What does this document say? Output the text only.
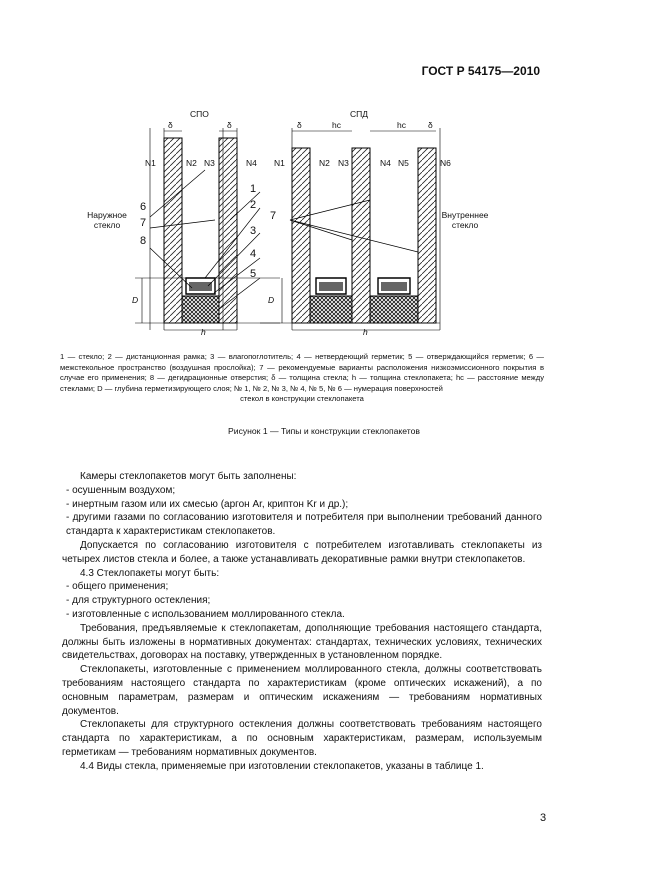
ГОСТ Р 54175—2010
СПО	СПД
δ	δ	δ	hc	hc	δ
N1	N2 N3	N4 N1	N2 N3	N4 N5	N6
Наружное стекло
Внутреннее стекло
1
2
3
4
5
6
7
7
8
D	D
h	h
1 — стекло; 2 — дистанционная рамка; 3 — влагопоглотитель; 4 — нетвердеющий герметик; 5 — отверждающийся герметик; 6 — межстекольное пространство (воздушная прослойка); 7 — рекомендуемые варианты расположения низкоэмиссионного покрытия в случае его применения; 8 — дегидрационные отверстия; δ — толщина стекла; h — толщина стеклопакета; hc — расстояние между стеклами; D — глубина герметизирующего слоя; № 1, № 2, № 3, № 4, № 5, № 6 — нумерация поверхностей
стекол в конструкции стеклопакета
Рисунок 1 — Типы и конструкции стеклопакетов

Камеры стеклопакетов могут быть заполнены:

- осушенным воздухом;

- инертным газом или их смесью (аргон Ar, криптон Kr и др.);

- другими газами по согласованию изготовителя и потребителя при выполнении требований данного стандарта к характеристикам стеклопакетов.

Допускается по согласованию изготовителя с потребителем изготавливать стеклопакеты из четырех листов стекла и более, а также устанавливать декоративные рамки внутри стеклопакетов.

4.3 Стеклопакеты могут быть:

- общего применения;

- для структурного остекления;

- изготовленные с использованием моллированного стекла.

Требования, предъявляемые к стеклопакетам, дополняющие требования настоящего стандарта, должны быть изложены в нормативных документах: стандартах, технических условиях, технических свидетельствах, договорах на поставку, утвержденных в установленном порядке.

Стеклопакеты, изготовленные с применением моллированного стекла, должны соответствовать требованиям настоящего стандарта по характеристикам (кроме оптических искажений), а по основным параметрам, размерам и оптическим искажениям — требованиям нормативных документов.

Стеклопакеты для структурного остекления должны соответствовать требованиям настоящего стандарта по характеристикам, а по основным характеристикам, размерам, используемым герметикам — требованиям нормативных документов.

4.4 Виды стекла, применяемые при изготовлении стеклопакетов, указаны в таблице 1.

3
